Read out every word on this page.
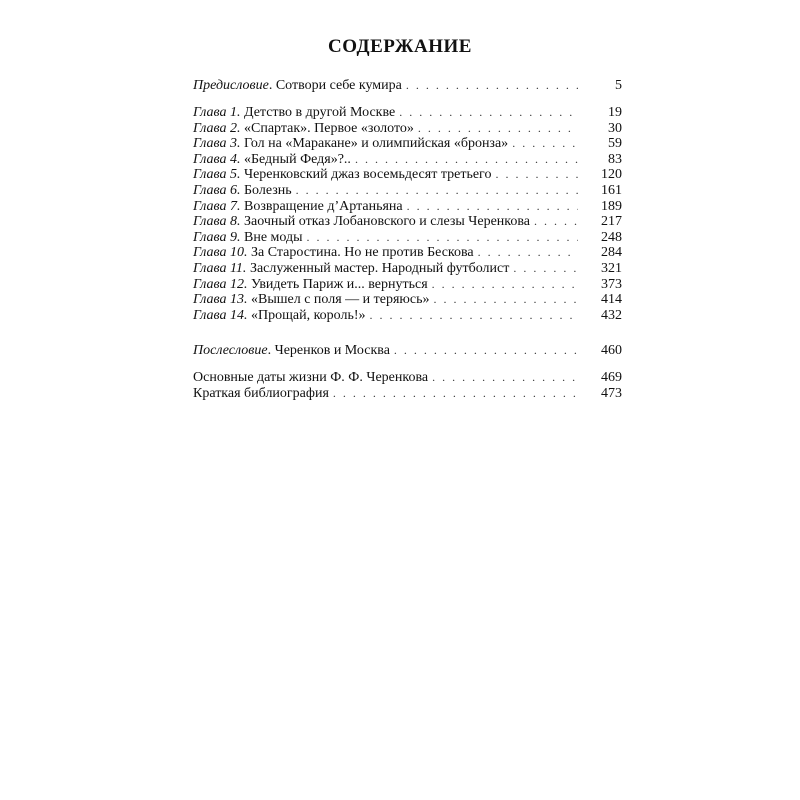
СОДЕРЖАНИЕ
Предисловие. Сотвори себе кумира . . .	5
Глава 1. Детство в другой Москве . . .	19
Глава 2. «Спартак». Первое «золото» . . .	30
Глава 3. Гол на «Маракане» и олимпийская «бронза» . . .	59
Глава 4. «Бедный Федя»?.. . . .	83
Глава 5. Черенковский джаз восемьдесят третьего . . .	120
Глава 6. Болезнь . . .	161
Глава 7. Возвращение д’Артаньяна . . .	189
Глава 8. Заочный отказ Лобановского и слезы Черенкова . . .	217
Глава 9. Вне моды . . .	248
Глава 10. За Старостина. Но не против Бескова . . .	284
Глава 11. Заслуженный мастер. Народный футболист . . .	321
Глава 12. Увидеть Париж и... вернуться . . .	373
Глава 13. «Вышел с поля — и теряюсь» . . .	414
Глава 14. «Прощай, король!» . . .	432
Послесловие. Черенков и Москва . . .	460
Основные даты жизни Ф. Ф. Черенкова . . .	469
Краткая библиография . . .	473
